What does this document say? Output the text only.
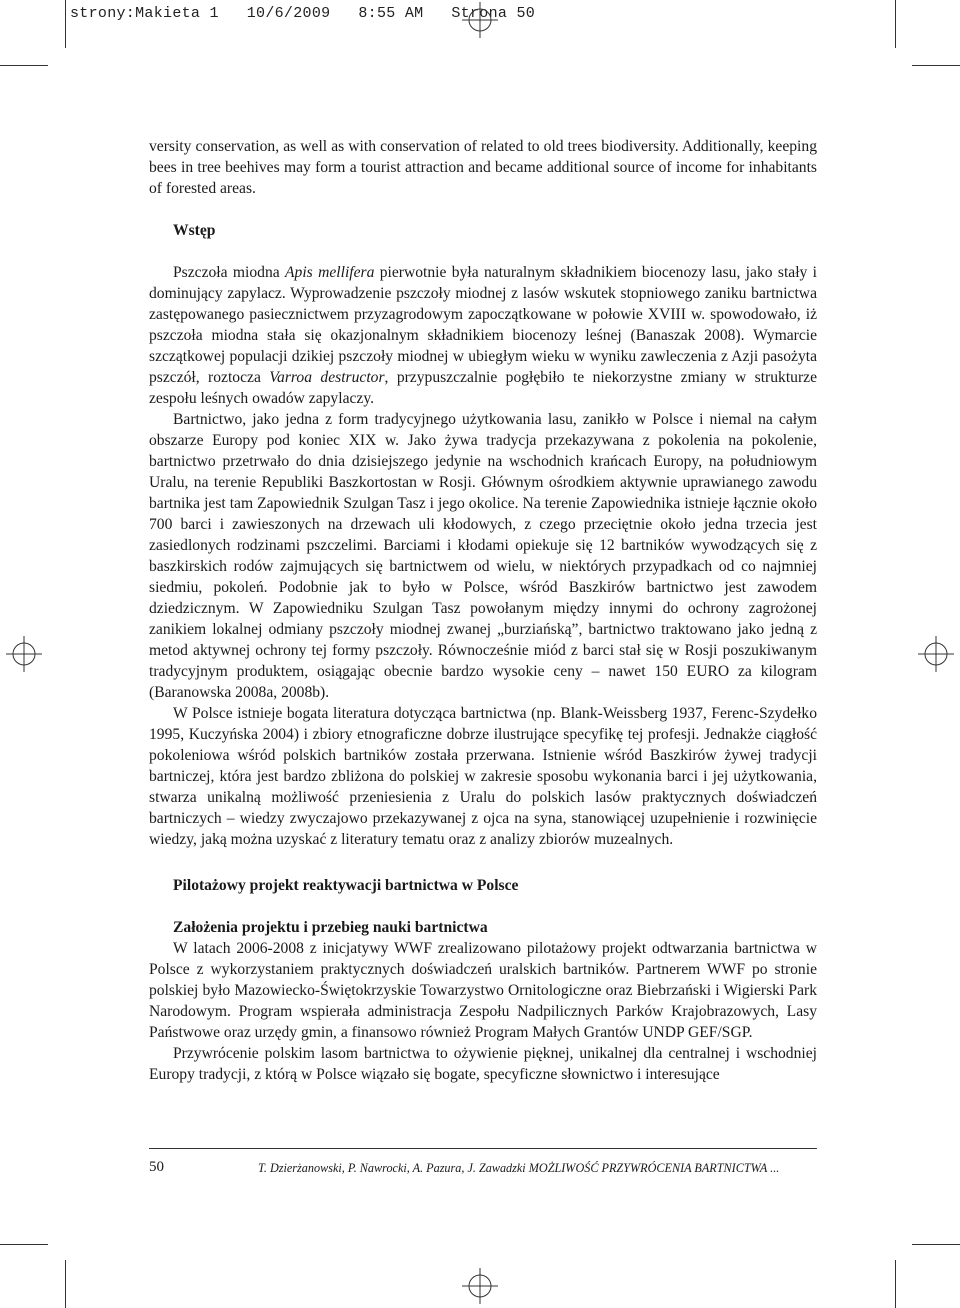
strony:Makieta 1   10/6/2009   8:55 AM   Strona 50

versity conservation, as well as with conservation of related to old trees biodiversity. Additionally, keeping bees in tree beehives may form a tourist attraction and became additional source of income for inhabitants of forested areas.

Wstęp

Pszczoła miodna Apis mellifera pierwotnie była naturalnym składnikiem biocenozy lasu, jako stały i dominujący zapylacz. Wyprowadzenie pszczoły miodnej z lasów wskutek stopniowego zaniku bartnictwa zastępowanego pasiecznictwem przyzagrodowym zapoczątkowane w połowie XVIII w. spowodowało, iż pszczoła miodna stała się okazjonalnym składnikiem biocenozy leśnej (Banaszak 2008). Wymarcie szczątkowej populacji dzikiej pszczoły miodnej w ubiegłym wieku w wyniku zawleczenia z Azji pasożyta pszczół, roztocza Varroa destructor, przypuszczalnie pogłębiło te niekorzystne zmiany w strukturze zespołu leśnych owadów zapylaczy.

Bartnictwo, jako jedna z form tradycyjnego użytkowania lasu, zanikło w Polsce i niemal na całym obszarze Europy pod koniec XIX w. Jako żywa tradycja przekazywana z pokolenia na pokolenie, bartnictwo przetrwało do dnia dzisiejszego jedynie na wschodnich krańcach Europy, na południowym Uralu, na terenie Republiki Baszkortostan w Rosji. Głównym ośrodkiem aktywnie uprawianego zawodu bartnika jest tam Zapowiednik Szulgan Tasz i jego okolice. Na terenie Zapowiednika istnieje łącznie około 700 barci i zawieszonych na drzewach uli kłodowych, z czego przeciętnie około jedna trzecia jest zasiedlonych rodzinami pszczelimi. Barciami i kłodami opiekuje się 12 bartników wywodzących się z baszkirskich rodów zajmujących się bartnictwem od wielu, w niektórych przypadkach od co najmniej siedmiu, pokoleń. Podobnie jak to było w Polsce, wśród Baszkirów bartnictwo jest zawodem dziedzicznym. W Zapowiedniku Szulgan Tasz powołanym między innymi do ochrony zagrożonej zanikiem lokalnej odmiany pszczoły miodnej zwanej „burziańską”, bartnictwo traktowano jako jedną z metod aktywnej ochrony tej formy pszczoły. Równocześnie miód z barci stał się w Rosji poszukiwanym tradycyjnym produktem, osiągając obecnie bardzo wysokie ceny – nawet 150 EURO za kilogram (Baranowska 2008a, 2008b).

W Polsce istnieje bogata literatura dotycząca bartnictwa (np. Blank-Weissberg 1937, Ferenc-Szydełko 1995, Kuczyńska 2004) i zbiory etnograficzne dobrze ilustrujące specyfikę tej profesji. Jednakże ciągłość pokoleniowa wśród polskich bartników została przerwana. Istnienie wśród Baszkirów żywej tradycji bartniczej, która jest bardzo zbliżona do polskiej w zakresie sposobu wykonania barci i jej użytkowania, stwarza unikalną możliwość przeniesienia z Uralu do polskich lasów praktycznych doświadczeń bartniczych – wiedzy zwyczajowo przekazywanej z ojca na syna, stanowiącej uzupełnienie i rozwinięcie wiedzy, jaką można uzyskać z literatury tematu oraz z analizy zbiorów muzealnych.

Pilotażowy projekt reaktywacji bartnictwa w Polsce
Założenia projektu i przebieg nauki bartnictwa

W latach 2006-2008 z inicjatywy WWF zrealizowano pilotażowy projekt odtwarzania bartnictwa w Polsce z wykorzystaniem praktycznych doświadczeń uralskich bartników. Partnerem WWF po stronie polskiej było Mazowiecko-Świętokrzyskie Towarzystwo Ornitologiczne oraz Biebrzański i Wigierski Park Narodowym. Program wspierała administracja Zespołu Nadpilicznych Parków Krajobrazowych, Lasy Państwowe oraz urzędy gmin, a finansowo również Program Małych Grantów UNDP GEF/SGP.

Przywrócenie polskim lasom bartnictwa to ożywienie pięknej, unikalnej dla centralnej i wschodniej Europy tradycji, z którą w Polsce wiązało się bogate, specyficzne słownictwo i interesujące

50	T. Dzierżanowski, P. Nawrocki, A. Pazura, J. Zawadzki MOŻLIWOŚĆ PRZYWRÓCENIA BARTNICTWA ...
